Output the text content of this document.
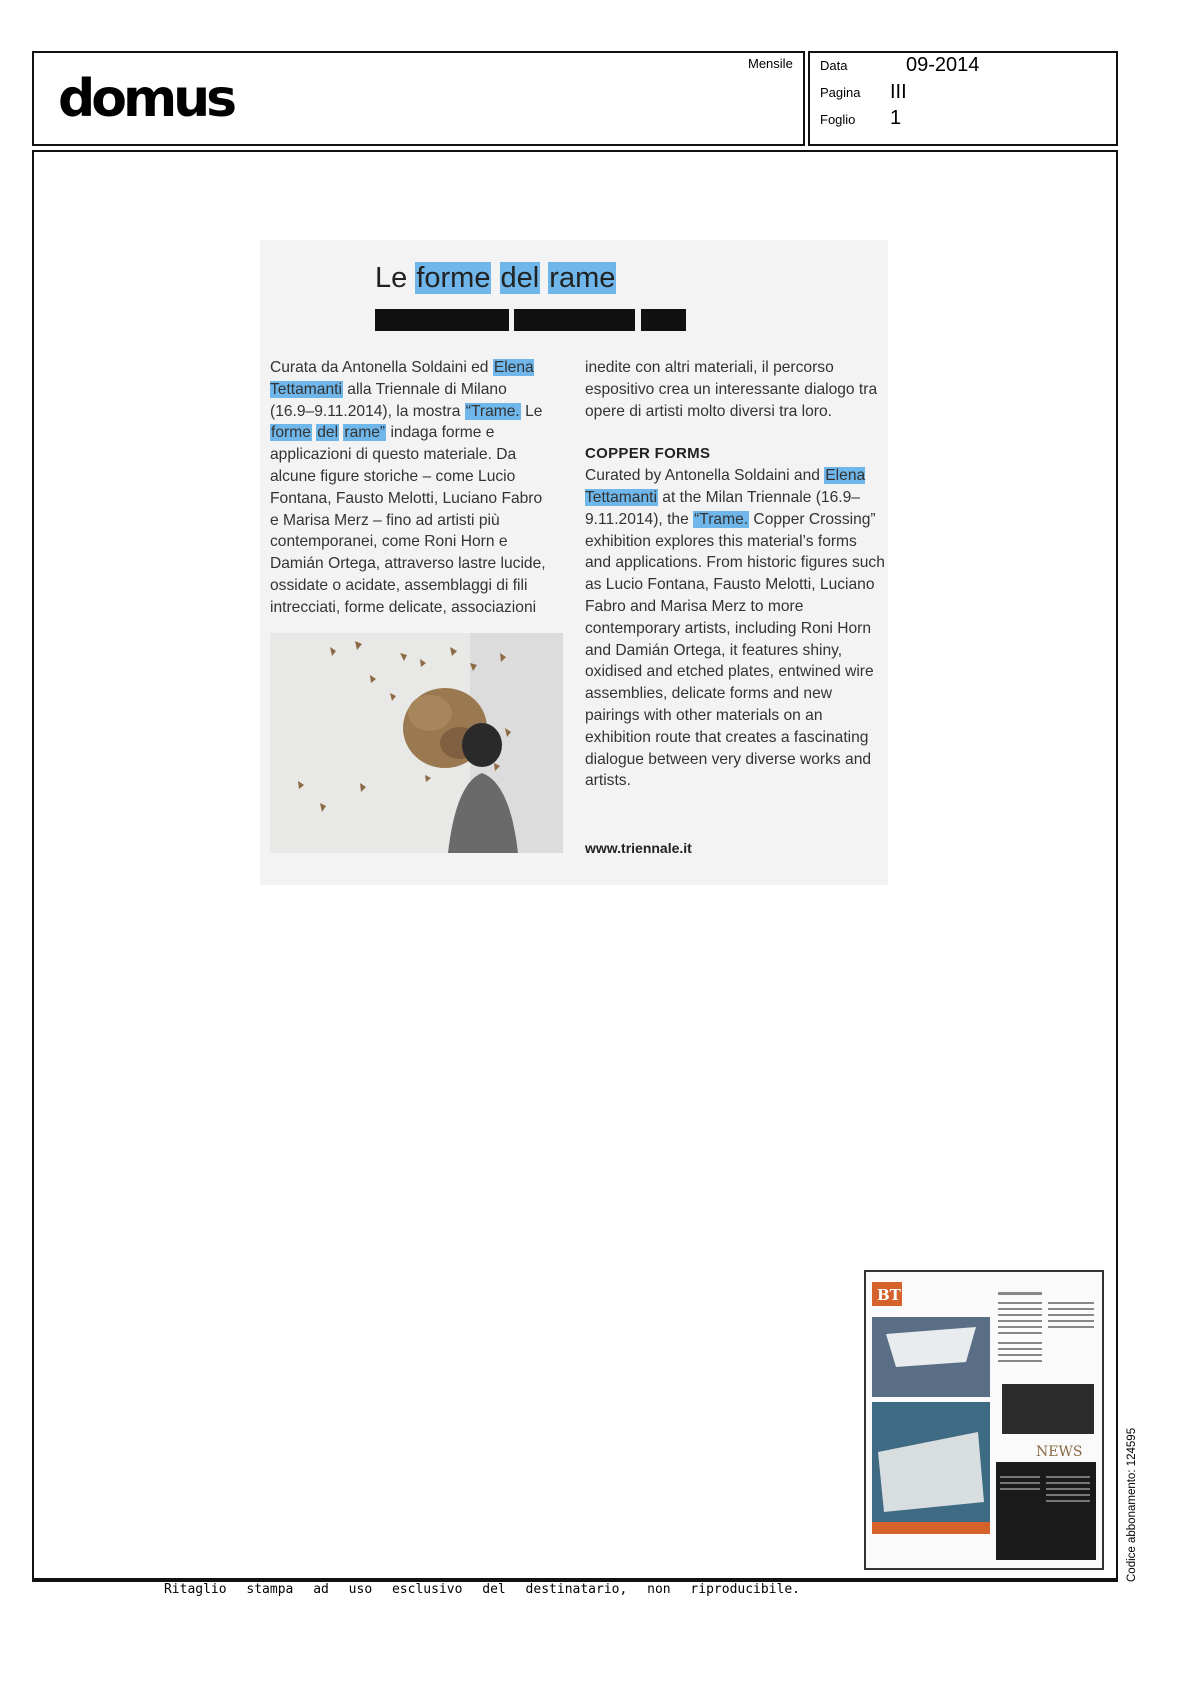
domus
Mensile Data	09-2014
Pagina III
Foglio 1
Le forme del rame

Curata da Antonella Soldaini ed Elena Tettamanti alla Triennale di Milano (16.9–9.11.2014), la mostra “Trame. Le forme del rame” indaga forme e applicazioni di questo materiale. Da alcune figure storiche – come Lucio Fontana, Fausto Melotti, Luciano Fabro e Marisa Merz – fino ad artisti più contemporanei, come Roni Horn e Damián Ortega, attraverso lastre lucide, ossidate o acidate, assemblaggi di fili intrecciati, forme delicate, associazioni

inedite con altri materiali, il percorso espositivo crea un interessante dialogo tra opere di artisti molto diversi tra loro.

COPPER FORMS

Curated by Antonella Soldaini and Elena Tettamanti at the Milan Triennale (16.9–9.11.2014), the “Trame. Copper Crossing” exhibition explores this material’s forms and applications. From historic figures such as Lucio Fontana, Fausto Melotti, Luciano Fabro and Marisa Merz to more contemporary artists, including Roni Horn and Damián Ortega, it features shiny, oxidised and etched plates, entwined wire assemblies, delicate forms and new pairings with other materials on an exhibition route that creates a fascinating dialogue between very diverse works and artists.

www.triennale.it
BT
NEWS
Ritaglio stampa ad uso esclusivo del destinatario, non riproducibile.
Codice abbonamento: 124595
